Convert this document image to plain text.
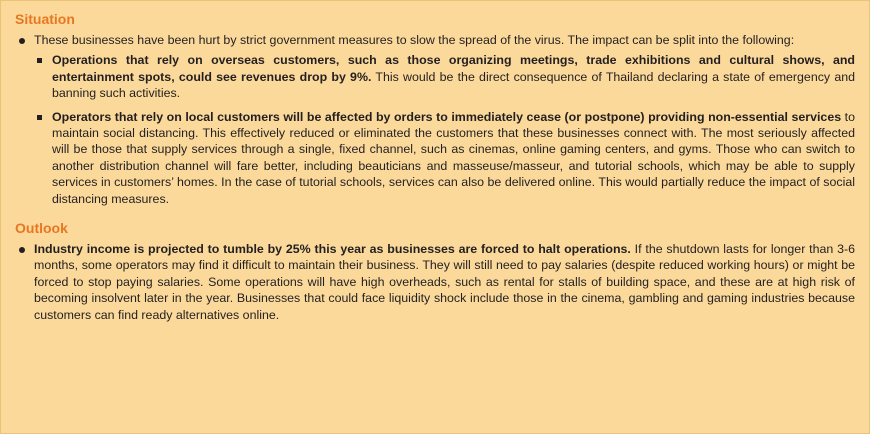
Situation

These businesses have been hurt by strict government measures to slow the spread of the virus. The impact can be split into the following:

Operations that rely on overseas customers, such as those organizing meetings, trade exhibitions and cultural shows, and entertainment spots, could see revenues drop by 9%. This would be the direct consequence of Thailand declaring a state of emergency and banning such activities.

Operators that rely on local customers will be affected by orders to immediately cease (or postpone) providing non-essential services to maintain social distancing. This effectively reduced or eliminated the customers that these businesses connect with. The most seriously affected will be those that supply services through a single, fixed channel, such as cinemas, online gaming centers, and gyms. Those who can switch to another distribution channel will fare better, including beauticians and masseuse/masseur, and tutorial schools, which may be able to supply services in customers’ homes. In the case of tutorial schools, services can also be delivered online. This would partially reduce the impact of social distancing measures.

Outlook

Industry income is projected to tumble by 25% this year as businesses are forced to halt operations. If the shutdown lasts for longer than 3-6 months, some operators may find it difficult to maintain their business. They will still need to pay salaries (despite reduced working hours) or might be forced to stop paying salaries. Some operations will have high overheads, such as rental for stalls of building space, and these are at high risk of becoming insolvent later in the year. Businesses that could face liquidity shock include those in the cinema, gambling and gaming industries because customers can find ready alternatives online.
